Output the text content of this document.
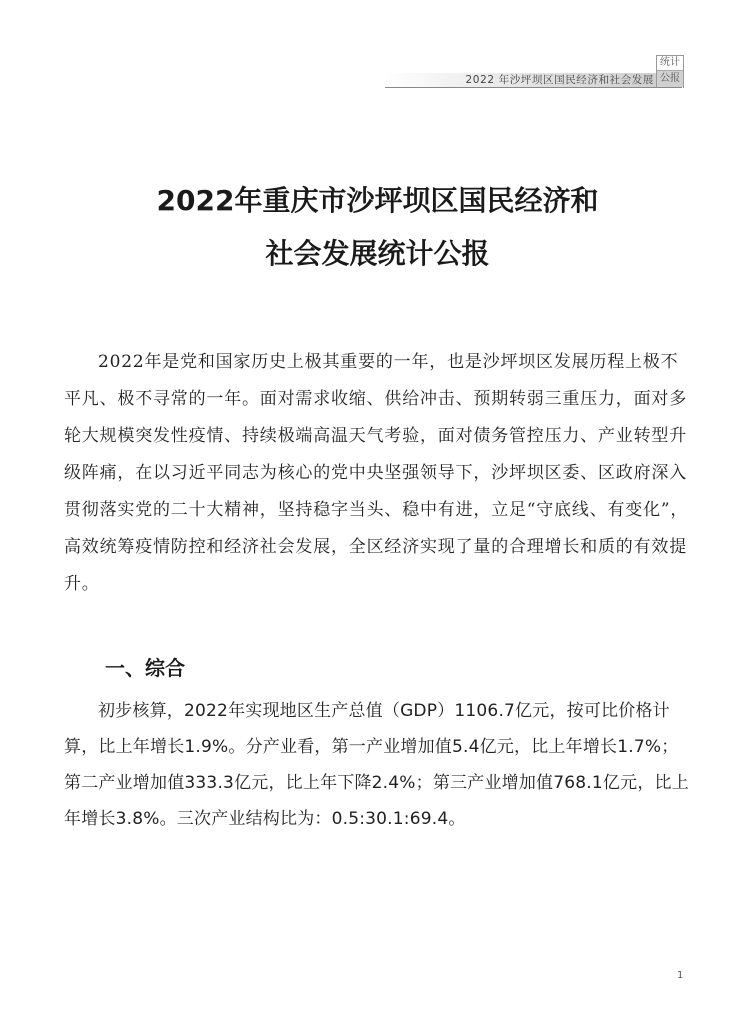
2022 年沙坪坝区国民经济和社会发展
统计
公报
2022年重庆市沙坪坝区国民经济和
社会发展统计公报

2022年是党和国家历史上极其重要的一年，也是沙坪坝区发展历程上极不平凡、极不寻常的一年。面对需求收缩、供给冲击、预期转弱三重压力，面对多轮大规模突发性疫情、持续极端高温天气考验，面对债务管控压力、产业转型升级阵痛，在以习近平同志为核心的党中央坚强领导下，沙坪坝区委、区政府深入贯彻落实党的二十大精神，坚持稳字当头、稳中有进，立足“守底线、有变化”，高效统筹疫情防控和经济社会发展，全区经济实现了量的合理增长和质的有效提升。

一、综合

初步核算，2022年实现地区生产总值（GDP）1106.7亿元，按可比价格计算，比上年增长1.9%。分产业看，第一产业增加值5.4亿元，比上年增长1.7%；第二产业增加值333.3亿元，比上年下降2.4%；第三产业增加值768.1亿元，比上年增长3.8%。三次产业结构比为：0.5:30.1:69.4。

1
